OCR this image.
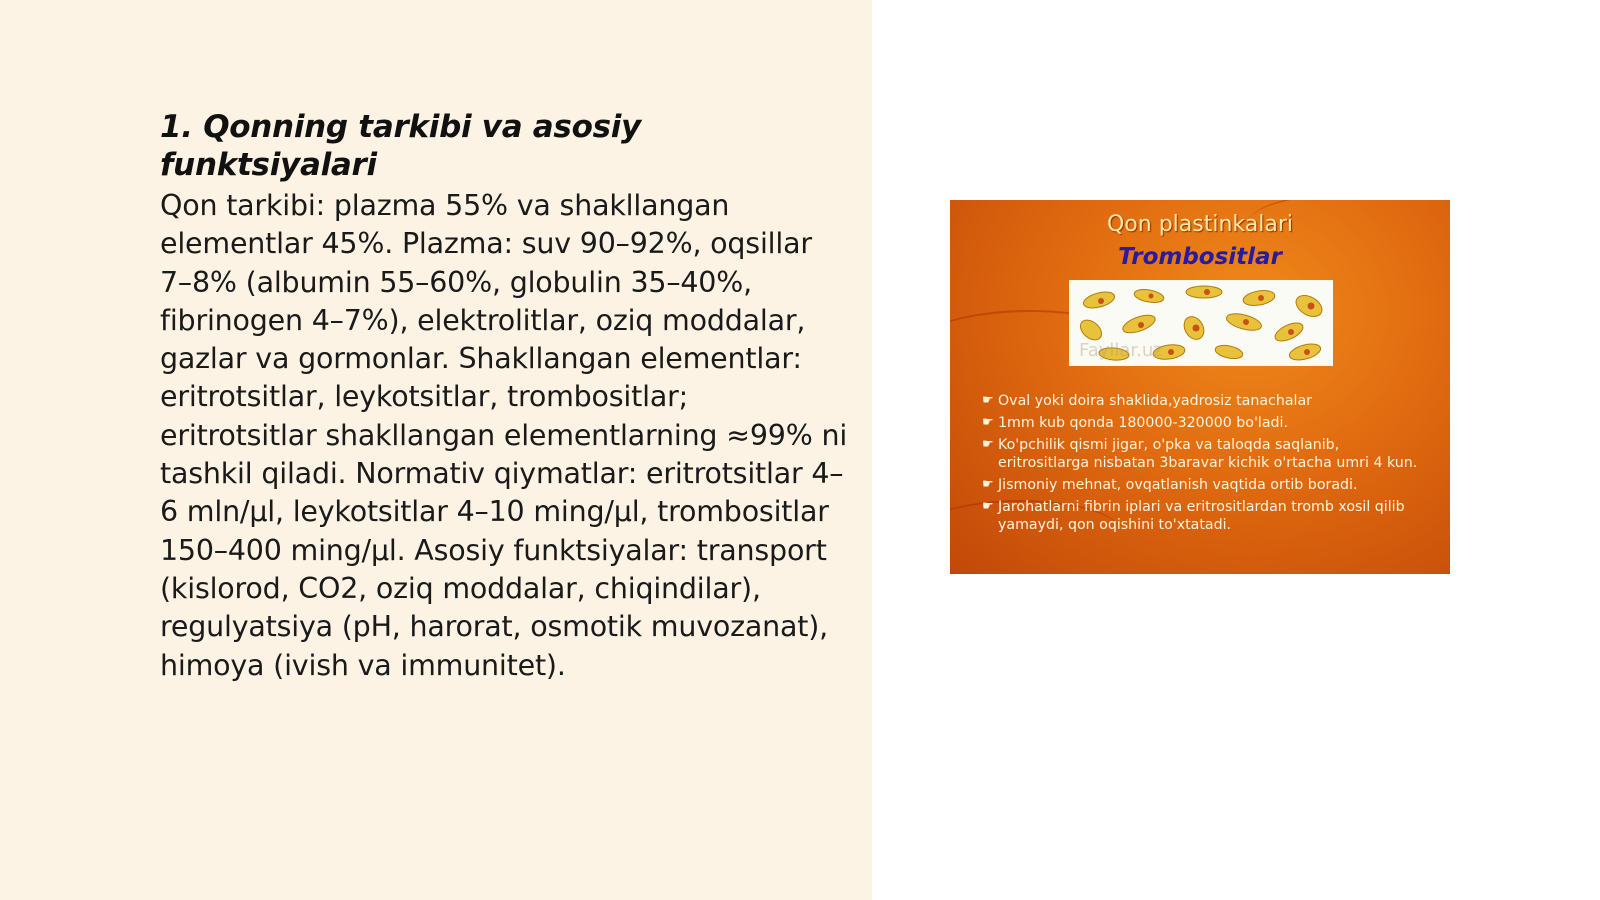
1. Qonning tarkibi va asosiy funktsiyalari

Qon tarkibi: plazma 55% va shakllangan elementlar 45%. Plazma: suv 90–92%, oqsillar 7–8% (albumin 55–60%, globulin 35–40%, fibrinogen 4–7%), elektrolitlar, oziq moddalar, gazlar va gormonlar. Shakllangan elementlar: eritrotsitlar, leykotsitlar, trombositlar; eritrotsitlar shakllangan elementlarning ≈99% ni tashkil qiladi. Normativ qiymatlar: eritrotsitlar 4–6 mln/µl, leykotsitlar 4–10 ming/µl, trombositlar 150–400 ming/µl. Asosiy funktsiyalar: transport (kislorod, CO2, oziq moddalar, chiqindilar), regulyatsiya (pH, harorat, osmotik muvozanat), himoya (ivish va immunitet).

Qon plastinkalari
Trombositlar
Fayllar.uz
☛ Oval yoki doira shaklida,yadrosiz tanachalar
☛ 1mm kub qonda 180000-320000 bo'ladi.
☛ Ko'pchilik qismi jigar, o'pka va taloqda saqlanib, eritrositlarga nisbatan 3baravar kichik o'rtacha umri 4 kun.
☛ Jismoniy mehnat, ovqatlanish vaqtida ortib boradi.
☛ Jarohatlarni fibrin iplari va eritrositlardan tromb xosil qilib yamaydi, qon oqishini to'xtatadi.
